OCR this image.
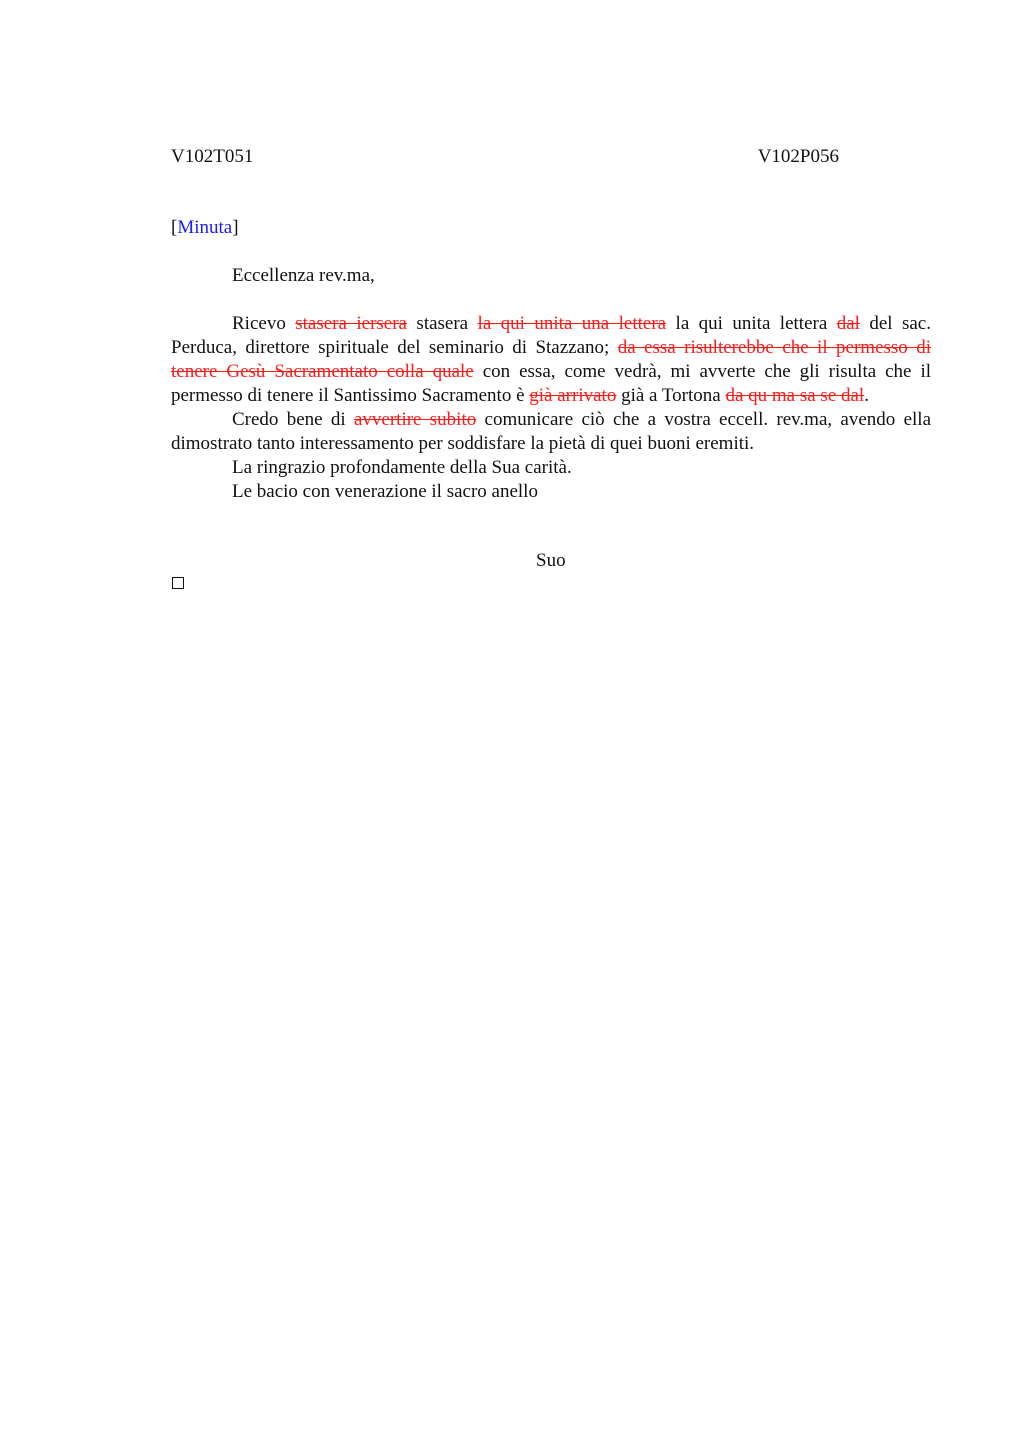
V102T051	V102P056
[Minuta]
Eccellenza rev.ma,

Ricevo stasera iersera stasera la qui unita una lettera la qui unita lettera dal del sac. Perduca, direttore spirituale del seminario di Stazzano; da essa risulterebbe che il permesso di tenere Gesù Sacramentato colla quale con essa, come vedrà, mi avverte che gli risulta che il permesso di tenere il Santissimo Sacramento è già arrivato già a Tortona da qu ma sa se dal.

Credo bene di avvertire subito comunicare ciò che a vostra eccell. rev.ma, avendo ella dimostrato tanto interessamento per soddisfare la pietà di quei buoni eremiti.

La ringrazio profondamente della Sua carità.

Le bacio con venerazione il sacro anello

Suo
